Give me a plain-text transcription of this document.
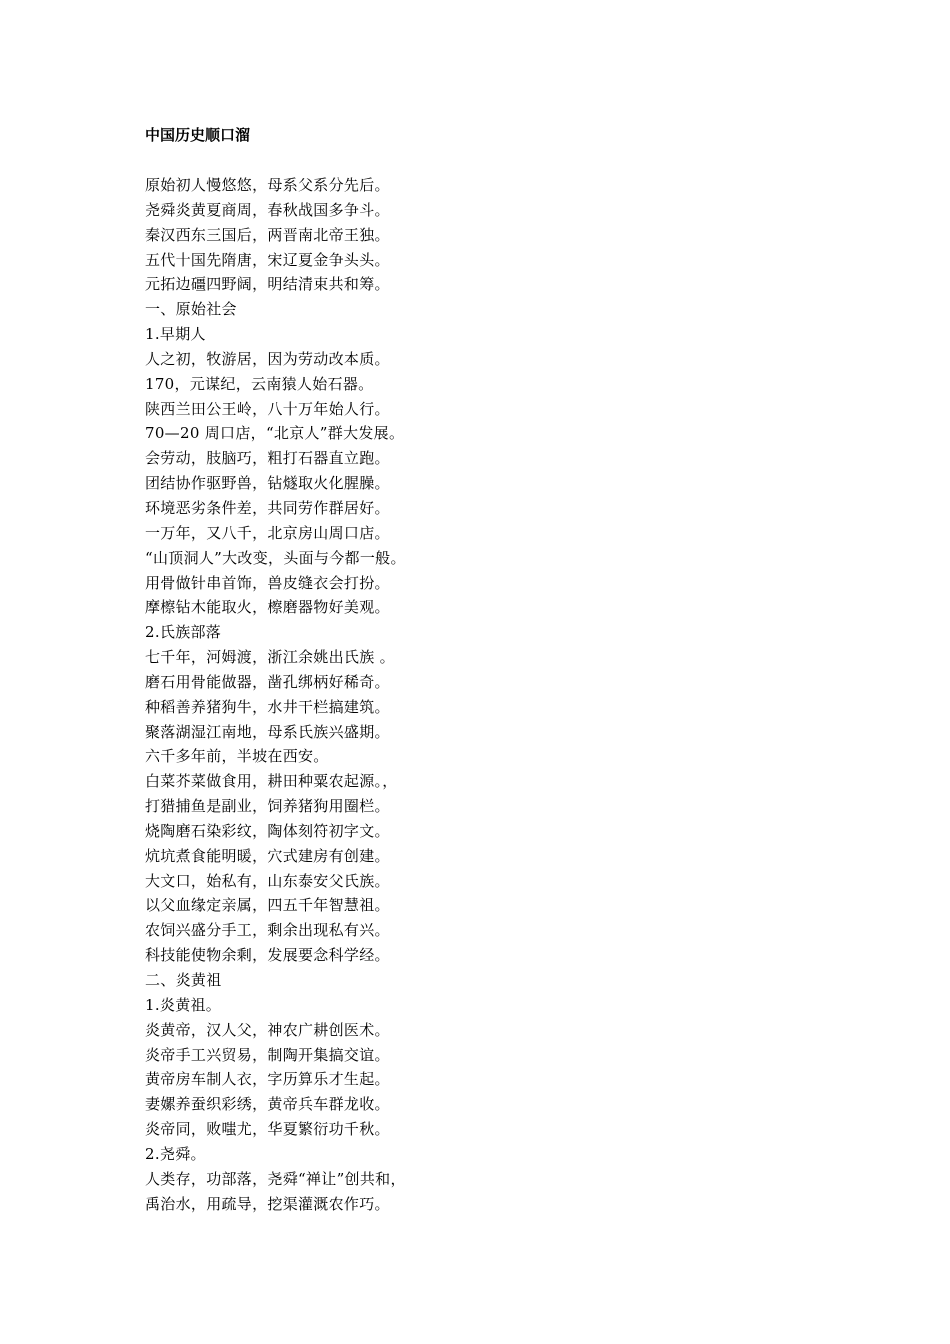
中国历史顺口溜
原始初人慢悠悠，母系父系分先后。
尧舜炎黄夏商周，春秋战国多争斗。
秦汉西东三国后，两晋南北帝王独。
五代十国先隋唐，宋辽夏金争头头。
元拓边礓四野阔，明结清束共和筹。
一、原始社会
1.早期人
人之初，牧游居，因为劳动改本质。
170，元谋纪，云南猿人始石器。
陕西兰田公王岭，八十万年始人行。
70—20 周口店，“北京人”群大发展。
会劳动，肢脑巧，粗打石器直立跑。
团结协作驱野兽，钻燧取火化腥臊。
环境恶劣条件差，共同劳作群居好。
一万年，又八千，北京房山周口店。
“山顶洞人”大改变，头面与今都一般。
用骨做针串首饰，兽皮缝衣会打扮。
摩檫钻木能取火，檫磨器物好美观。
2.氏族部落
七千年，河姆渡，浙江余姚出氏族 。
磨石用骨能做器，凿孔绑柄好稀奇。
种稻善养猪狗牛，水井干栏搞建筑。
聚落湖湿江南地，母系氏族兴盛期。
六千多年前，半坡在西安。
白菜芥菜做食用，耕田种粟农起源。，
打猎捕鱼是副业，饲养猪狗用圈栏。
烧陶磨石染彩纹，陶体刻符初字文。
炕坑煮食能明暖，穴式建房有创建。
大文口，始私有，山东泰安父氏族。
以父血缘定亲属，四五千年智慧祖。
农饲兴盛分手工，剩余出现私有兴。
科技能使物余剩，发展要念科学经。
二、炎黄祖
1.炎黄祖。
炎黄帝，汉人父，神农广耕创医术。
炎帝手工兴贸易，制陶开集搞交谊。
黄帝房车制人衣，字历算乐才生起。
妻嫘养蚕织彩绣，黄帝兵车群龙收。
炎帝同，败嗤尤，华夏繁衍功千秋。
2.尧舜。
人类存，功部落，尧舜“禅让”创共和，
禹治水，用疏导，挖渠灌溉农作巧。
